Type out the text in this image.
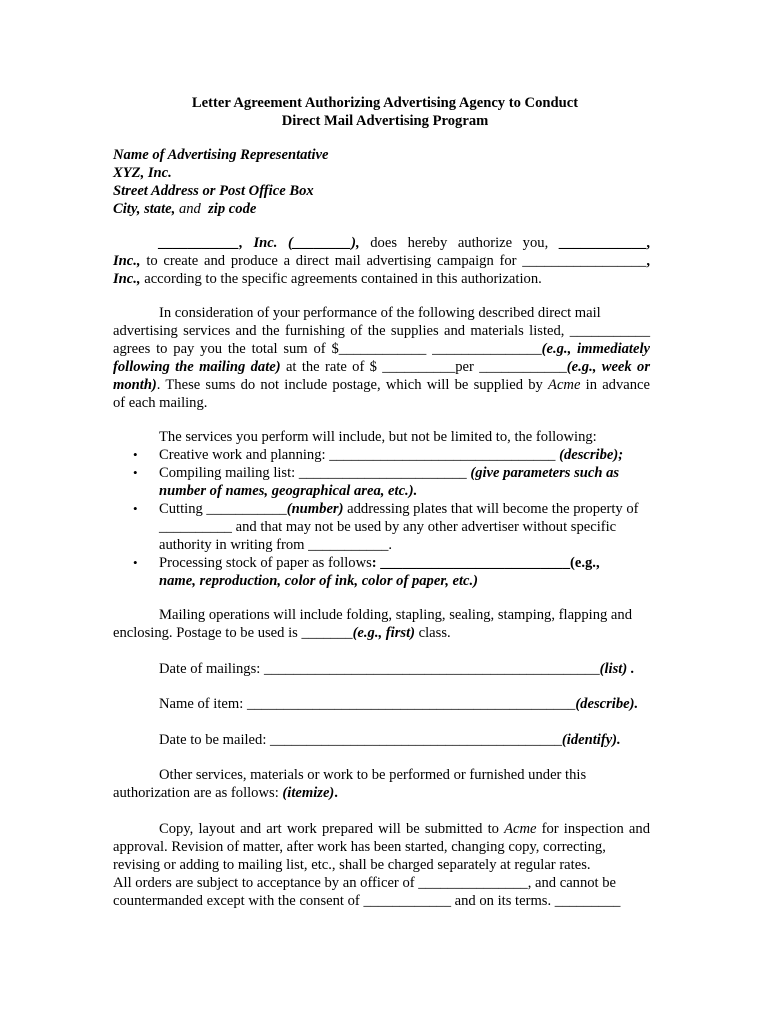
Letter Agreement Authorizing Advertising Agency to Conduct
Direct Mail Advertising Program
Name of Advertising Representative
XYZ, Inc.
Street Address or Post Office Box
City, state, and  zip code
___________, Inc. (________), does hereby authorize you, ____________,
Inc., to create and produce a direct mail advertising campaign for _________________,
Inc., according to the specific agreements contained in this authorization.
In consideration of your performance of the following described direct mail
advertising services and the furnishing of the supplies and materials listed, ___________
agrees to pay you the total sum of $____________ _______________(e.g., immediately
following the mailing date) at the rate of $ __________per ____________(e.g., week or
month). These sums do not include postage, which will be supplied by Acme in advance
of each mailing.
The services you perform will include, but not be limited to, the following:
• Creative work and planning: _______________________________ (describe);
• Compiling mailing list: _______________________ (give parameters such as
number of names, geographical area, etc.).
• Cutting ___________(number) addressing plates that will become the property of
__________ and that may not be used by any other advertiser without specific
authority in writing from ___________.
• Processing stock of paper as follows: __________________________(e.g.,
name, reproduction, color of ink, color of paper, etc.)
Mailing operations will include folding, stapling, sealing, stamping, flapping and
enclosing. Postage to be used is _______(e.g., first) class.
Date of mailings: ______________________________________________(list) .
Name of item: _____________________________________________(describe).
Date to be mailed: ________________________________________(identify).
Other services, materials or work to be performed or furnished under this
authorization are as follows: (itemize).
Copy, layout and art work prepared will be submitted to Acme for inspection and
approval. Revision of matter, after work has been started, changing copy, correcting,
revising or adding to mailing list, etc., shall be charged separately at regular rates.
All orders are subject to acceptance by an officer of _______________, and cannot be
countermanded except with the consent of ____________ and on its terms. _________
